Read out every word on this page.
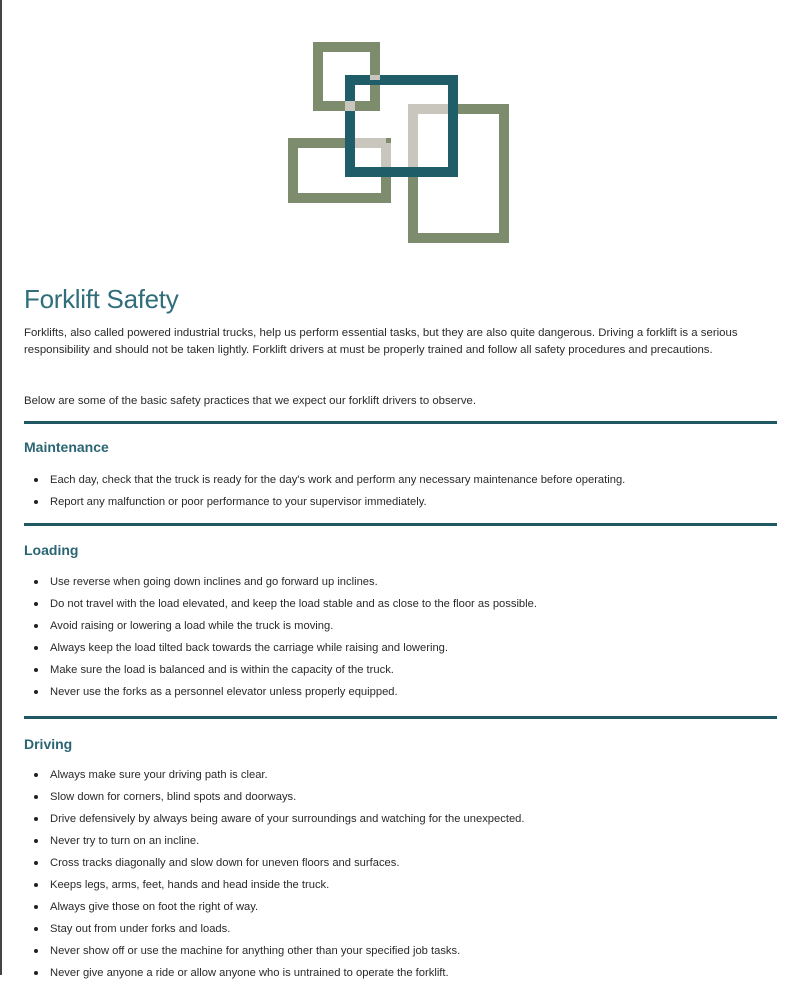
Forklift Safety
Forklifts, also called powered industrial trucks, help us perform essential tasks, but they are also quite dangerous. Driving a forklift is a serious responsibility and should not be taken lightly. Forklift drivers at must be properly trained and follow all safety procedures and precautions.
Below are some of the basic safety practices that we expect our forklift drivers to observe.
Maintenance
Each day, check that the truck is ready for the day's work and perform any necessary maintenance before operating.
Report any malfunction or poor performance to your supervisor immediately.
Loading
Use reverse when going down inclines and go forward up inclines.
Do not travel with the load elevated, and keep the load stable and as close to the floor as possible.
Avoid raising or lowering a load while the truck is moving.
Always keep the load tilted back towards the carriage while raising and lowering.
Make sure the load is balanced and is within the capacity of the truck.
Never use the forks as a personnel elevator unless properly equipped.
Driving
Always make sure your driving path is clear.
Slow down for corners, blind spots and doorways.
Drive defensively by always being aware of your surroundings and watching for the unexpected.
Never try to turn on an incline.
Cross tracks diagonally and slow down for uneven floors and surfaces.
Keeps legs, arms, feet, hands and head inside the truck.
Always give those on foot the right of way.
Stay out from under forks and loads.
Never show off or use the machine for anything other than your specified job tasks.
Never give anyone a ride or allow anyone who is untrained to operate the forklift.
